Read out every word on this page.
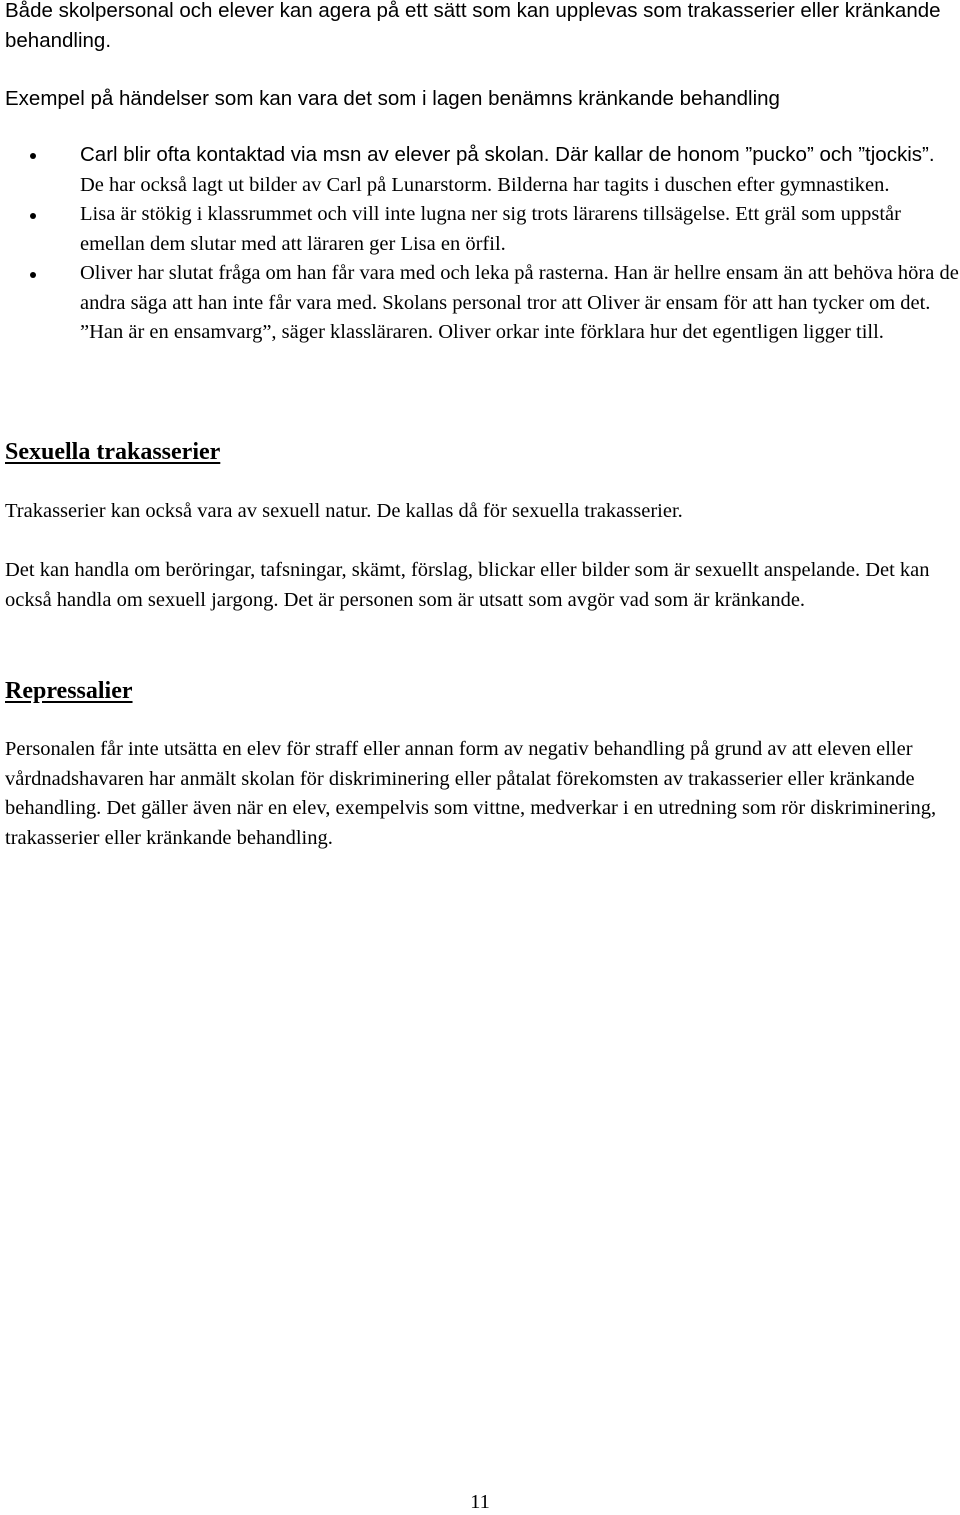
Både skolpersonal och elever kan agera på ett sätt som kan upplevas som trakasserier eller kränkande behandling.

Exempel på händelser som kan vara det som i lagen benämns kränkande behandling

Carl blir ofta kontaktad via msn av elever på skolan. Där kallar de honom ”pucko” och ”tjockis”. De har också lagt ut bilder av Carl på Lunarstorm. Bilderna har tagits i duschen efter gymnastiken.
Lisa är stökig i klassrummet och vill inte lugna ner sig trots lärarens tillsägelse. Ett gräl som uppstår emellan dem slutar med att läraren ger Lisa en örfil.
Oliver har slutat fråga om han får vara med och leka på rasterna. Han är hellre ensam än att behöva höra de andra säga att han inte får vara med. Skolans personal tror att Oliver är ensam för att han tycker om det. ”Han är en ensamvarg”, säger klassläraren. Oliver orkar inte förklara hur det egentligen ligger till.
Sexuella trakasserier

Trakasserier kan också vara av sexuell natur. De kallas då för sexuella trakasserier.

Det kan handla om beröringar, tafsningar, skämt, förslag, blickar eller bilder som är sexuellt anspelande. Det kan också handla om sexuell jargong. Det är personen som är utsatt som avgör vad som är kränkande.

Repressalier

Personalen får inte utsätta en elev för straff eller annan form av negativ behandling på grund av att eleven eller vårdnadshavaren har anmält skolan för diskriminering eller påtalat förekomsten av trakasserier eller kränkande behandling. Det gäller även när en elev, exempelvis som vittne, medverkar i en utredning som rör diskriminering, trakasserier eller kränkande behandling.

11
